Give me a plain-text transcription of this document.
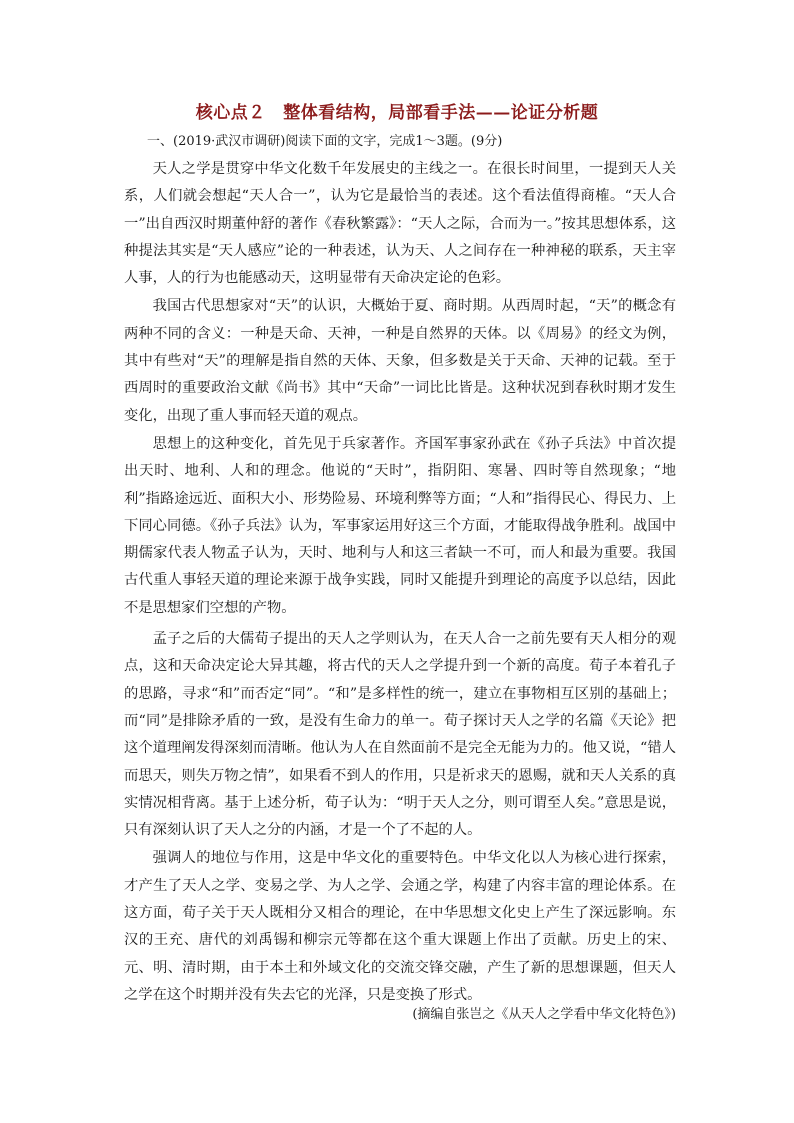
核心点２　整体看结构，局部看手法——论证分析题
一、(2019·武汉市调研)阅读下面的文字，完成1～3题。(9分)

天人之学是贯穿中华文化数千年发展史的主线之一。在很长时间里，一提到天人关系，人们就会想起“天人合一”，认为它是最恰当的表述。这个看法值得商榷。“天人合一”出自西汉时期董仲舒的著作《春秋繁露》：“天人之际，合而为一。”按其思想体系，这种提法其实是“天人感应”论的一种表述，认为天、人之间存在一种神秘的联系，天主宰人事，人的行为也能感动天，这明显带有天命决定论的色彩。

我国古代思想家对“天”的认识，大概始于夏、商时期。从西周时起，“天”的概念有两种不同的含义：一种是天命、天神，一种是自然界的天体。以《周易》的经文为例，其中有些对“天”的理解是指自然的天体、天象，但多数是关于天命、天神的记载。至于西周时的重要政治文献《尚书》其中“天命”一词比比皆是。这种状况到春秋时期才发生变化，出现了重人事而轻天道的观点。

思想上的这种变化，首先见于兵家著作。齐国军事家孙武在《孙子兵法》中首次提出天时、地利、人和的理念。他说的“天时”，指阴阳、寒暑、四时等自然现象；“地利”指路途远近、面积大小、形势险易、环境利弊等方面；“人和”指得民心、得民力、上下同心同德。《孙子兵法》认为，军事家运用好这三个方面，才能取得战争胜利。战国中期儒家代表人物孟子认为，天时、地利与人和这三者缺一不可，而人和最为重要。我国古代重人事轻天道的理论来源于战争实践，同时又能提升到理论的高度予以总结，因此不是思想家们空想的产物。

孟子之后的大儒荀子提出的天人之学则认为，在天人合一之前先要有天人相分的观点，这和天命决定论大异其趣，将古代的天人之学提升到一个新的高度。荀子本着孔子的思路，寻求“和”而否定“同”。“和”是多样性的统一，建立在事物相互区别的基础上；而“同”是排除矛盾的一致，是没有生命力的单一。荀子探讨天人之学的名篇《天论》把这个道理阐发得深刻而清晰。他认为人在自然面前不是完全无能为力的。他又说，“错人而思天，则失万物之情”，如果看不到人的作用，只是祈求天的恩赐，就和天人关系的真实情况相背离。基于上述分析，荀子认为：“明于天人之分，则可谓至人矣。”意思是说，只有深刻认识了天人之分的内涵，才是一个了不起的人。

强调人的地位与作用，这是中华文化的重要特色。中华文化以人为核心进行探索，才产生了天人之学、变易之学、为人之学、会通之学，构建了内容丰富的理论体系。在这方面，荀子关于天人既相分又相合的理论，在中华思想文化史上产生了深远影响。东汉的王充、唐代的刘禹锡和柳宗元等都在这个重大课题上作出了贡献。历史上的宋、元、明、清时期，由于本土和外域文化的交流交锋交融，产生了新的思想课题，但天人之学在这个时期并没有失去它的光泽，只是变换了形式。

(摘编自张岂之《从天人之学看中华文化特色》)
